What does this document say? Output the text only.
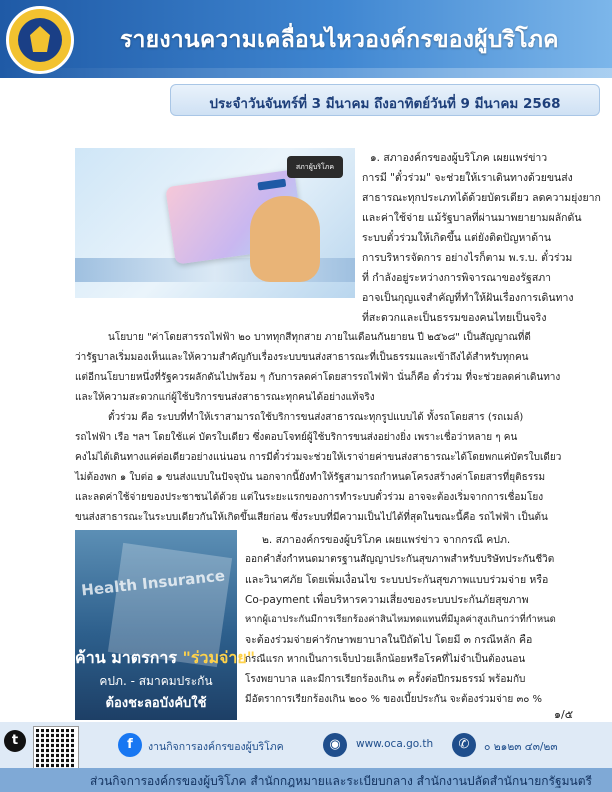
รายงานความเคลื่อนไหวองค์กรของผู้บริโภค
ประจำวันจันทร์ที่ 3 มีนาคม ถึงอาทิตย์วันที่ 9 มีนาคม 2568
สภาผู้บริโภค
๑. สภาองค์กรของผู้บริโภค เผยแพร่ข่าว
การมี "ตั๋วร่วม" จะช่วยให้เราเดินทางด้วยขนส่ง
สาธารณะทุกประเภทได้ด้วยบัตรเดียว ลดความยุ่งยาก
และค่าใช้จ่าย แม้รัฐบาลที่ผ่านมาพยายามผลักดัน
ระบบตั๋วร่วมให้เกิดขึ้น แต่ยังติดปัญหาด้าน
การบริหารจัดการ อย่างไรก็ตาม พ.ร.บ. ตั๋วร่วม
ที่ กำลังอยู่ระหว่างการพิจารณาของรัฐสภา
อาจเป็นกุญแจสำคัญที่ทำให้ฝันเรื่องการเดินทาง
ที่สะดวกและเป็นธรรมของคนไทยเป็นจริง
นโยบาย "ค่าโดยสารรถไฟฟ้า ๒๐ บาททุกสีทุกสาย ภายในเดือนกันยายน ปี ๒๕๖๘" เป็นสัญญาณที่ดี
ว่ารัฐบาลเริ่มมองเห็นและให้ความสำคัญกับเรื่องระบบขนส่งสาธารณะที่เป็นธรรมและเข้าถึงได้สำหรับทุกคน
แต่อีกนโยบายหนึ่งที่รัฐควรผลักดันไปพร้อม ๆ กับการลดค่าโดยสารรถไฟฟ้า นั่นก็คือ ตั๋วร่วม ที่จะช่วยลดค่าเดินทาง
และให้ความสะดวกแก่ผู้ใช้บริการขนส่งสาธารณะทุกคนได้อย่างแท้จริง
ตั๋วร่วม คือ ระบบที่ทำให้เราสามารถใช้บริการขนส่งสาธารณะทุกรูปแบบได้ ทั้งรถโดยสาร (รถเมล์)
รถไฟฟ้า เรือ ฯลฯ โดยใช้แค่ บัตรใบเดียว ซึ่งตอบโจทย์ผู้ใช้บริการขนส่งอย่างยิ่ง เพราะเชื่อว่าหลาย ๆ คน
คงไม่ได้เดินทางแค่ต่อเดียวอย่างแน่นอน การมีตั๋วร่วมจะช่วยให้เราจ่ายค่าขนส่งสาธารณะได้โดยพกแค่บัตรใบเดียว
ไม่ต้องพก ๑ ใบต่อ ๑ ขนส่งแบบในปัจจุบัน นอกจากนี้ยังทำให้รัฐสามารถกำหนดโครงสร้างค่าโดยสารที่ยุติธรรม
และลดค่าใช้จ่ายของประชาชนได้ด้วย แต่ในระยะแรกของการทำระบบตั๋วร่วม อาจจะต้องเริ่มจากการเชื่อมโยง
ขนส่งสาธารณะในระบบเดียวกันให้เกิดขึ้นเสียก่อน ซึ่งระบบที่มีความเป็นไปได้ที่สุดในขณะนี้คือ รถไฟฟ้า เป็นต้น
Health Insurance
ค้าน มาตรการ "ร่วมจ่าย"
คปภ. - สมาคมประกัน
ต้องชะลอบังคับใช้
๒. สภาองค์กรของผู้บริโภค เผยแพร่ข่าว จากกรณี คปภ.
ออกคำสั่งกำหนดมาตรฐานสัญญาประกันสุขภาพสำหรับบริษัทประกันชีวิต
และวินาศภัย โดยเพิ่มเงื่อนไข ระบบประกันสุขภาพแบบร่วมจ่าย หรือ
Co-payment เพื่อบริหารความเสี่ยงของระบบประกันภัยสุขภาพ
หากผู้เอาประกันมีการเรียกร้องค่าสินไหมทดแทนที่มีมูลค่าสูงเกินกว่าที่กำหนด
จะต้องร่วมจ่ายค่ารักษาพยาบาลในปีถัดไป โดยมี ๓ กรณีหลัก คือ
กรณีแรก หากเป็นการเจ็บป่วยเล็กน้อยหรือโรคที่ไม่จำเป็นต้องนอน
โรงพยาบาล และมีการเรียกร้องเกิน ๓ ครั้งต่อปีกรมธรรม์ พร้อมกับ
มีอัตราการเรียกร้องเกิน ๒๐๐ % ของเบี้ยประกัน จะต้องร่วมจ่าย ๓๐ %
๑/๕
t	f	งานกิจการองค์กรของผู้บริโภค	◉	www.oca.go.th	✆	๐ ๒๑๒๓ ๔๓/๒๓
ส่วนกิจการองค์กรของผู้บริโภค สำนักกฎหมายและระเบียบกลาง สำนักงานปลัดสำนักนายกรัฐมนตรี
